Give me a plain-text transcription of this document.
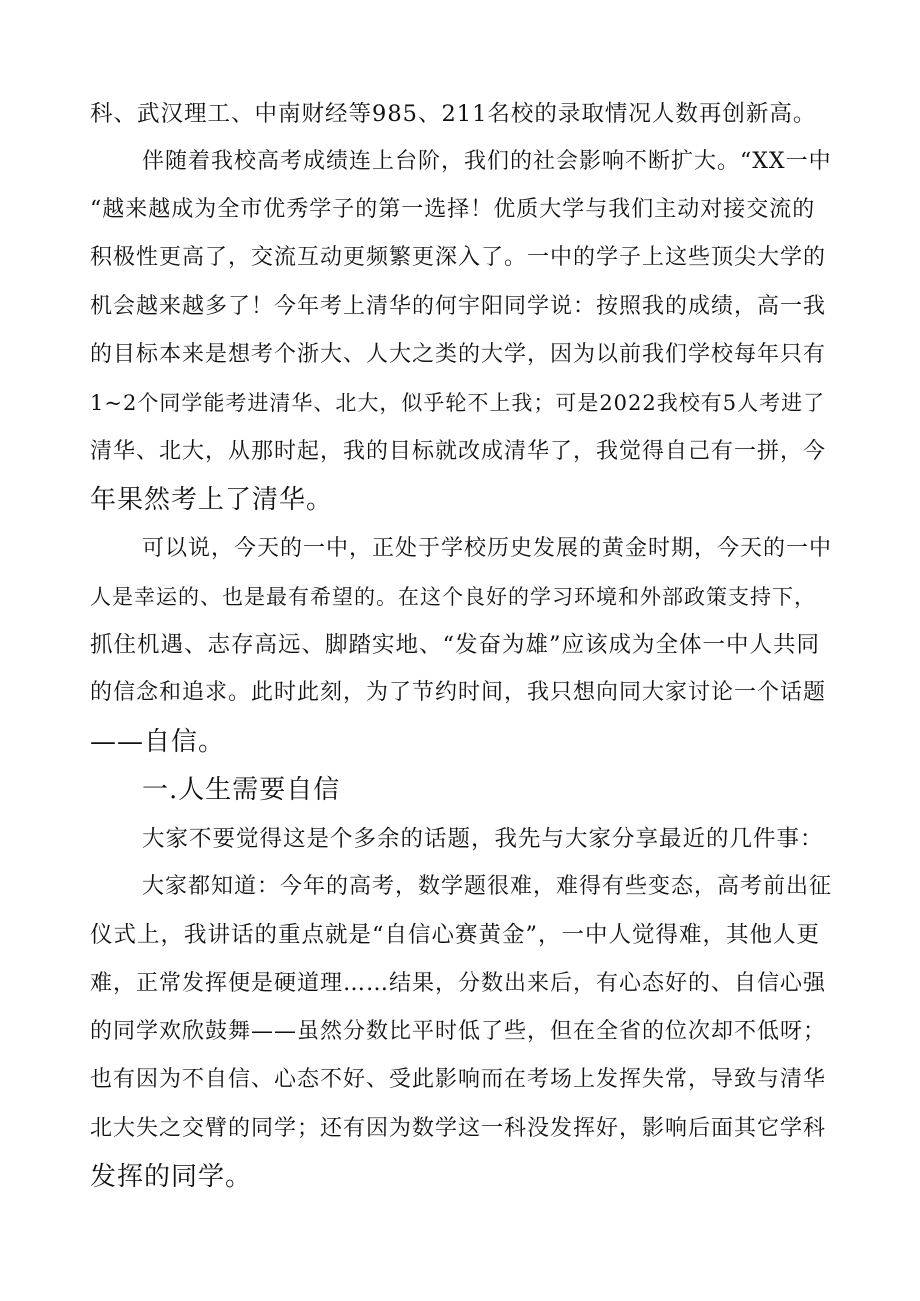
科、武汉理工、中南财经等985、211名校的录取情况人数再创新高。
伴随着我校高考成绩连上台阶，我们的社会影响不断扩大。“XX一中
“越来越成为全市优秀学子的第一选择！优质大学与我们主动对接交流的
积极性更高了，交流互动更频繁更深入了。一中的学子上这些顶尖大学的
机会越来越多了！今年考上清华的何宇阳同学说：按照我的成绩，高一我
的目标本来是想考个浙大、人大之类的大学，因为以前我们学校每年只有
1~2个同学能考进清华、北大，似乎轮不上我；可是2022我校有5人考进了
清华、北大，从那时起，我的目标就改成清华了，我觉得自己有一拼，今
年果然考上了清华。
可以说，今天的一中，正处于学校历史发展的黄金时期，今天的一中
人是幸运的、也是最有希望的。在这个良好的学习环境和外部政策支持下，
抓住机遇、志存高远、脚踏实地、“发奋为雄”应该成为全体一中人共同
的信念和追求。此时此刻，为了节约时间，我只想向同大家讨论一个话题
——自信。
一.人生需要自信
大家不要觉得这是个多余的话题，我先与大家分享最近的几件事：
大家都知道：今年的高考，数学题很难，难得有些变态，高考前出征
仪式上，我讲话的重点就是“自信心赛黄金”，一中人觉得难，其他人更
难，正常发挥便是硬道理……结果，分数出来后，有心态好的、自信心强
的同学欢欣鼓舞——虽然分数比平时低了些，但在全省的位次却不低呀；
也有因为不自信、心态不好、受此影响而在考场上发挥失常，导致与清华
北大失之交臂的同学；还有因为数学这一科没发挥好，影响后面其它学科
发挥的同学。
